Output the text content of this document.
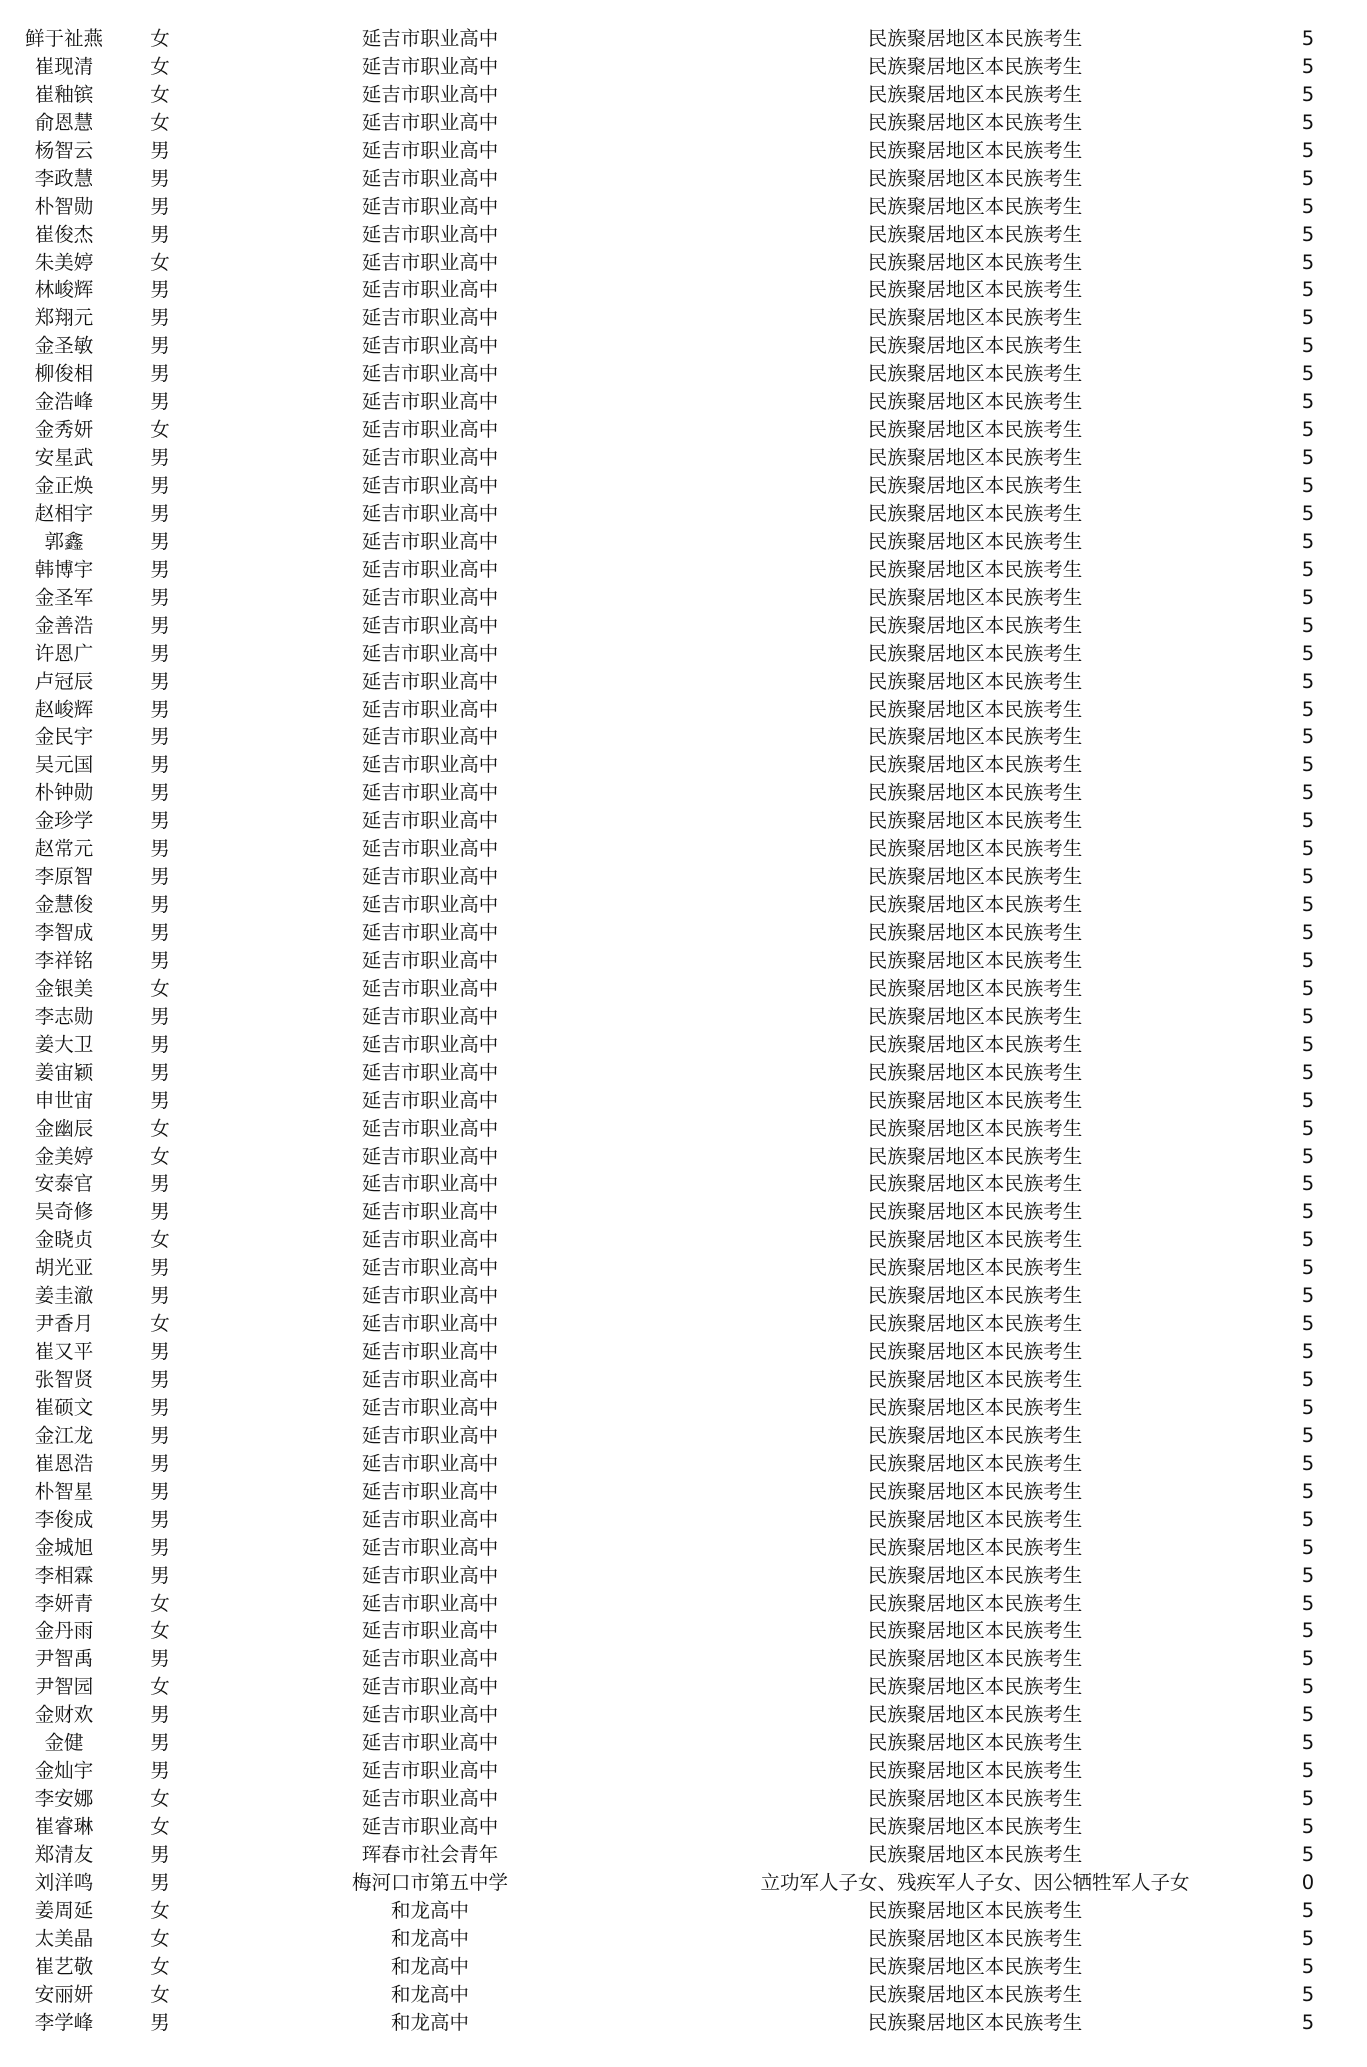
鲜于祉燕	女	延吉市职业高中	民族聚居地区本民族考生	5
崔现清	女	延吉市职业高中	民族聚居地区本民族考生	5
崔釉镔	女	延吉市职业高中	民族聚居地区本民族考生	5
俞恩慧	女	延吉市职业高中	民族聚居地区本民族考生	5
杨智云	男	延吉市职业高中	民族聚居地区本民族考生	5
李政慧	男	延吉市职业高中	民族聚居地区本民族考生	5
朴智勋	男	延吉市职业高中	民族聚居地区本民族考生	5
崔俊杰	男	延吉市职业高中	民族聚居地区本民族考生	5
朱美婷	女	延吉市职业高中	民族聚居地区本民族考生	5
林峻辉	男	延吉市职业高中	民族聚居地区本民族考生	5
郑翔元	男	延吉市职业高中	民族聚居地区本民族考生	5
金圣敏	男	延吉市职业高中	民族聚居地区本民族考生	5
柳俊相	男	延吉市职业高中	民族聚居地区本民族考生	5
金浩峰	男	延吉市职业高中	民族聚居地区本民族考生	5
金秀妍	女	延吉市职业高中	民族聚居地区本民族考生	5
安星武	男	延吉市职业高中	民族聚居地区本民族考生	5
金正焕	男	延吉市职业高中	民族聚居地区本民族考生	5
赵相宇	男	延吉市职业高中	民族聚居地区本民族考生	5
郭鑫	男	延吉市职业高中	民族聚居地区本民族考生	5
韩博宇	男	延吉市职业高中	民族聚居地区本民族考生	5
金圣军	男	延吉市职业高中	民族聚居地区本民族考生	5
金善浩	男	延吉市职业高中	民族聚居地区本民族考生	5
许恩广	男	延吉市职业高中	民族聚居地区本民族考生	5
卢冠辰	男	延吉市职业高中	民族聚居地区本民族考生	5
赵峻辉	男	延吉市职业高中	民族聚居地区本民族考生	5
金民宇	男	延吉市职业高中	民族聚居地区本民族考生	5
吴元国	男	延吉市职业高中	民族聚居地区本民族考生	5
朴钟勋	男	延吉市职业高中	民族聚居地区本民族考生	5
金珍学	男	延吉市职业高中	民族聚居地区本民族考生	5
赵常元	男	延吉市职业高中	民族聚居地区本民族考生	5
李原智	男	延吉市职业高中	民族聚居地区本民族考生	5
金慧俊	男	延吉市职业高中	民族聚居地区本民族考生	5
李智成	男	延吉市职业高中	民族聚居地区本民族考生	5
李祥铭	男	延吉市职业高中	民族聚居地区本民族考生	5
金银美	女	延吉市职业高中	民族聚居地区本民族考生	5
李志勋	男	延吉市职业高中	民族聚居地区本民族考生	5
姜大卫	男	延吉市职业高中	民族聚居地区本民族考生	5
姜宙颖	男	延吉市职业高中	民族聚居地区本民族考生	5
申世宙	男	延吉市职业高中	民族聚居地区本民族考生	5
金幽辰	女	延吉市职业高中	民族聚居地区本民族考生	5
金美婷	女	延吉市职业高中	民族聚居地区本民族考生	5
安泰官	男	延吉市职业高中	民族聚居地区本民族考生	5
吴奇修	男	延吉市职业高中	民族聚居地区本民族考生	5
金晓贞	女	延吉市职业高中	民族聚居地区本民族考生	5
胡光亚	男	延吉市职业高中	民族聚居地区本民族考生	5
姜圭澈	男	延吉市职业高中	民族聚居地区本民族考生	5
尹香月	女	延吉市职业高中	民族聚居地区本民族考生	5
崔又平	男	延吉市职业高中	民族聚居地区本民族考生	5
张智贤	男	延吉市职业高中	民族聚居地区本民族考生	5
崔硕文	男	延吉市职业高中	民族聚居地区本民族考生	5
金江龙	男	延吉市职业高中	民族聚居地区本民族考生	5
崔恩浩	男	延吉市职业高中	民族聚居地区本民族考生	5
朴智星	男	延吉市职业高中	民族聚居地区本民族考生	5
李俊成	男	延吉市职业高中	民族聚居地区本民族考生	5
金城旭	男	延吉市职业高中	民族聚居地区本民族考生	5
李相霖	男	延吉市职业高中	民族聚居地区本民族考生	5
李妍青	女	延吉市职业高中	民族聚居地区本民族考生	5
金丹雨	女	延吉市职业高中	民族聚居地区本民族考生	5
尹智禹	男	延吉市职业高中	民族聚居地区本民族考生	5
尹智园	女	延吉市职业高中	民族聚居地区本民族考生	5
金财欢	男	延吉市职业高中	民族聚居地区本民族考生	5
金健	男	延吉市职业高中	民族聚居地区本民族考生	5
金灿宇	男	延吉市职业高中	民族聚居地区本民族考生	5
李安娜	女	延吉市职业高中	民族聚居地区本民族考生	5
崔睿琳	女	延吉市职业高中	民族聚居地区本民族考生	5
郑清友	男	珲春市社会青年	民族聚居地区本民族考生	5
刘洋鸣	男	梅河口市第五中学	立功军人子女、残疾军人子女、因公牺牲军人子女	0
姜周延	女	和龙高中	民族聚居地区本民族考生	5
太美晶	女	和龙高中	民族聚居地区本民族考生	5
崔艺敬	女	和龙高中	民族聚居地区本民族考生	5
安丽妍	女	和龙高中	民族聚居地区本民族考生	5
李学峰	男	和龙高中	民族聚居地区本民族考生	5
